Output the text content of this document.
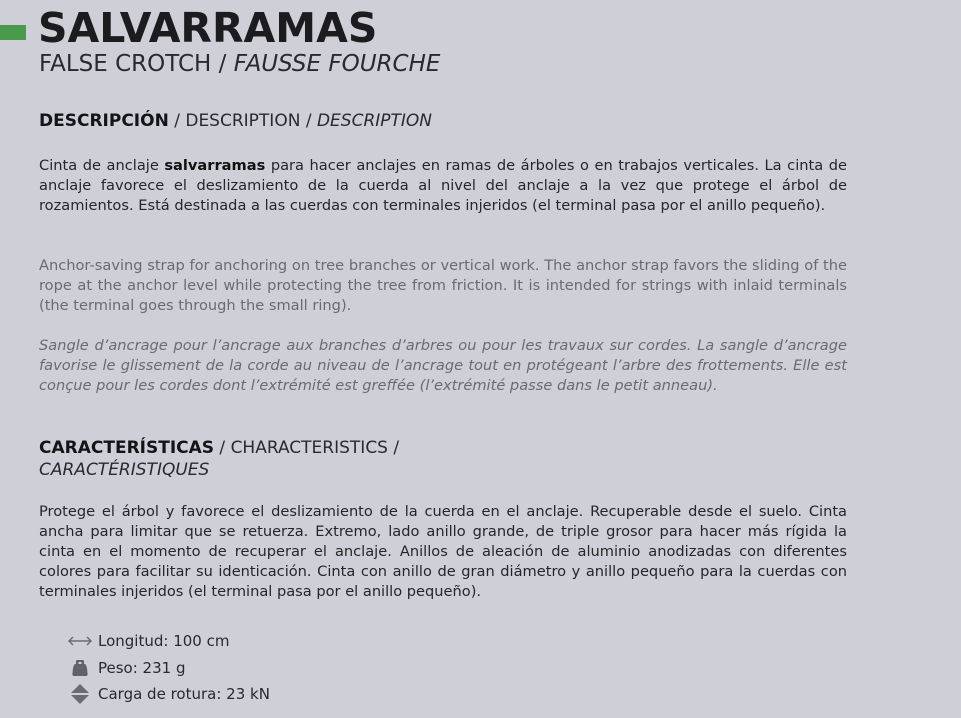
SALVARRAMAS
FALSE CROTCH / FAUSSE FOURCHE
DESCRIPCIÓN / DESCRIPTION / DESCRIPTION

Cinta de anclaje salvarramas para hacer anclajes en ramas de árboles o en trabajos verticales. La cinta de anclaje favorece el deslizamiento de la cuerda al nivel del anclaje a la vez que protege el árbol de rozamientos. Está destinada a las cuerdas con terminales injeridos (el terminal pasa por el anillo pequeño).

Anchor-saving strap for anchoring on tree branches or vertical work. The anchor strap favors the sliding of the rope at the anchor level while protecting the tree from friction. It is intended for strings with inlaid terminals (the terminal goes through the small ring).

Sangle d’ancrage pour l’ancrage aux branches d’arbres ou pour les travaux sur cordes. La sangle d’ancrage favorise le glissement de la corde au niveau de l’ancrage tout en protégeant l’arbre des frottements. Elle est conçue pour les cordes dont l’extrémité est greffée (l’extrémité passe dans le petit anneau).

CARACTERÍSTICAS / CHARACTERISTICS /
CARACTÉRISTIQUES

Protege el árbol y favorece el deslizamiento de la cuerda en el anclaje. Recuperable desde el suelo. Cinta ancha para limitar que se retuerza. Extremo, lado anillo grande, de triple grosor para hacer más rígida la cinta en el momento de recuperar el anclaje. Anillos de aleación de aluminio anodizadas con diferentes colores para facilitar su identicación. Cinta con anillo de gran diámetro y anillo pequeño para la cuerdas con terminales injeridos (el terminal pasa por el anillo pequeño).

Longitud: 100 cm
Peso: 231 g
Carga de rotura: 23 kN
